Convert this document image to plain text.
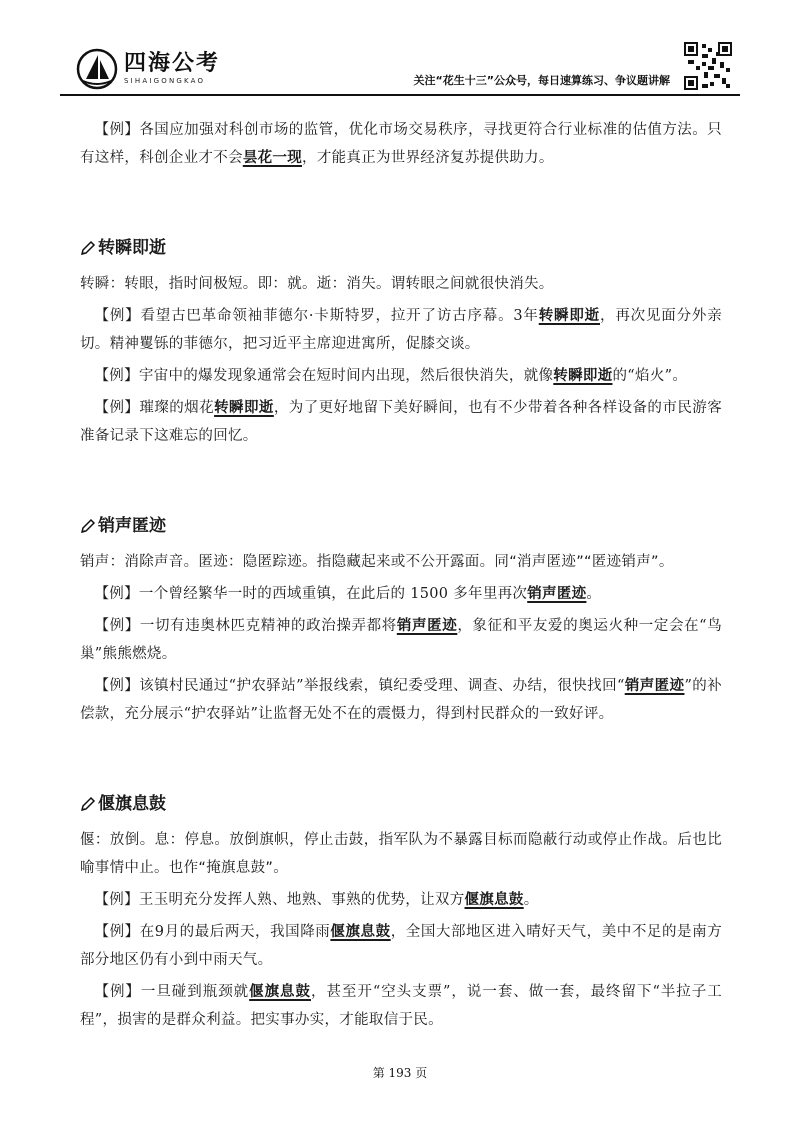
四海公考
SIHAIGONGKAO	关注“花生十三”公众号，每日速算练习、争议题讲解

【例】各国应加强对科创市场的监管，优化市场交易秩序，寻找更符合行业标准的估值方法。只有这样，科创企业才不会昙花一现，才能真正为世界经济复苏提供助力。

转瞬即逝

转瞬：转眼，指时间极短。即：就。逝：消失。谓转眼之间就很快消失。

【例】看望古巴革命领袖菲德尔·卡斯特罗，拉开了访古序幕。3年转瞬即逝，再次见面分外亲切。精神矍铄的菲德尔，把习近平主席迎进寓所，促膝交谈。

【例】宇宙中的爆发现象通常会在短时间内出现，然后很快消失，就像转瞬即逝的“焰火”。

【例】璀璨的烟花转瞬即逝，为了更好地留下美好瞬间，也有不少带着各种各样设备的市民游客准备记录下这难忘的回忆。

销声匿迹

销声：消除声音。匿迹：隐匿踪迹。指隐藏起来或不公开露面。同“消声匿迹”“匿迹销声”。

【例】一个曾经繁华一时的西域重镇，在此后的 1500 多年里再次销声匿迹。

【例】一切有违奥林匹克精神的政治操弄都将销声匿迹，象征和平友爱的奥运火种一定会在“鸟巢”熊熊燃烧。

【例】该镇村民通过“护农驿站”举报线索，镇纪委受理、调查、办结，很快找回“销声匿迹”的补偿款，充分展示“护农驿站”让监督无处不在的震慑力，得到村民群众的一致好评。

偃旗息鼓

偃：放倒。息：停息。放倒旗帜，停止击鼓，指军队为不暴露目标而隐蔽行动或停止作战。后也比喻事情中止。也作“掩旗息鼓”。

【例】王玉明充分发挥人熟、地熟、事熟的优势，让双方偃旗息鼓。

【例】在9月的最后两天，我国降雨偃旗息鼓，全国大部地区进入晴好天气，美中不足的是南方部分地区仍有小到中雨天气。

【例】一旦碰到瓶颈就偃旗息鼓，甚至开“空头支票”，说一套、做一套，最终留下“半拉子工程”，损害的是群众利益。把实事办实，才能取信于民。

第 193 页
